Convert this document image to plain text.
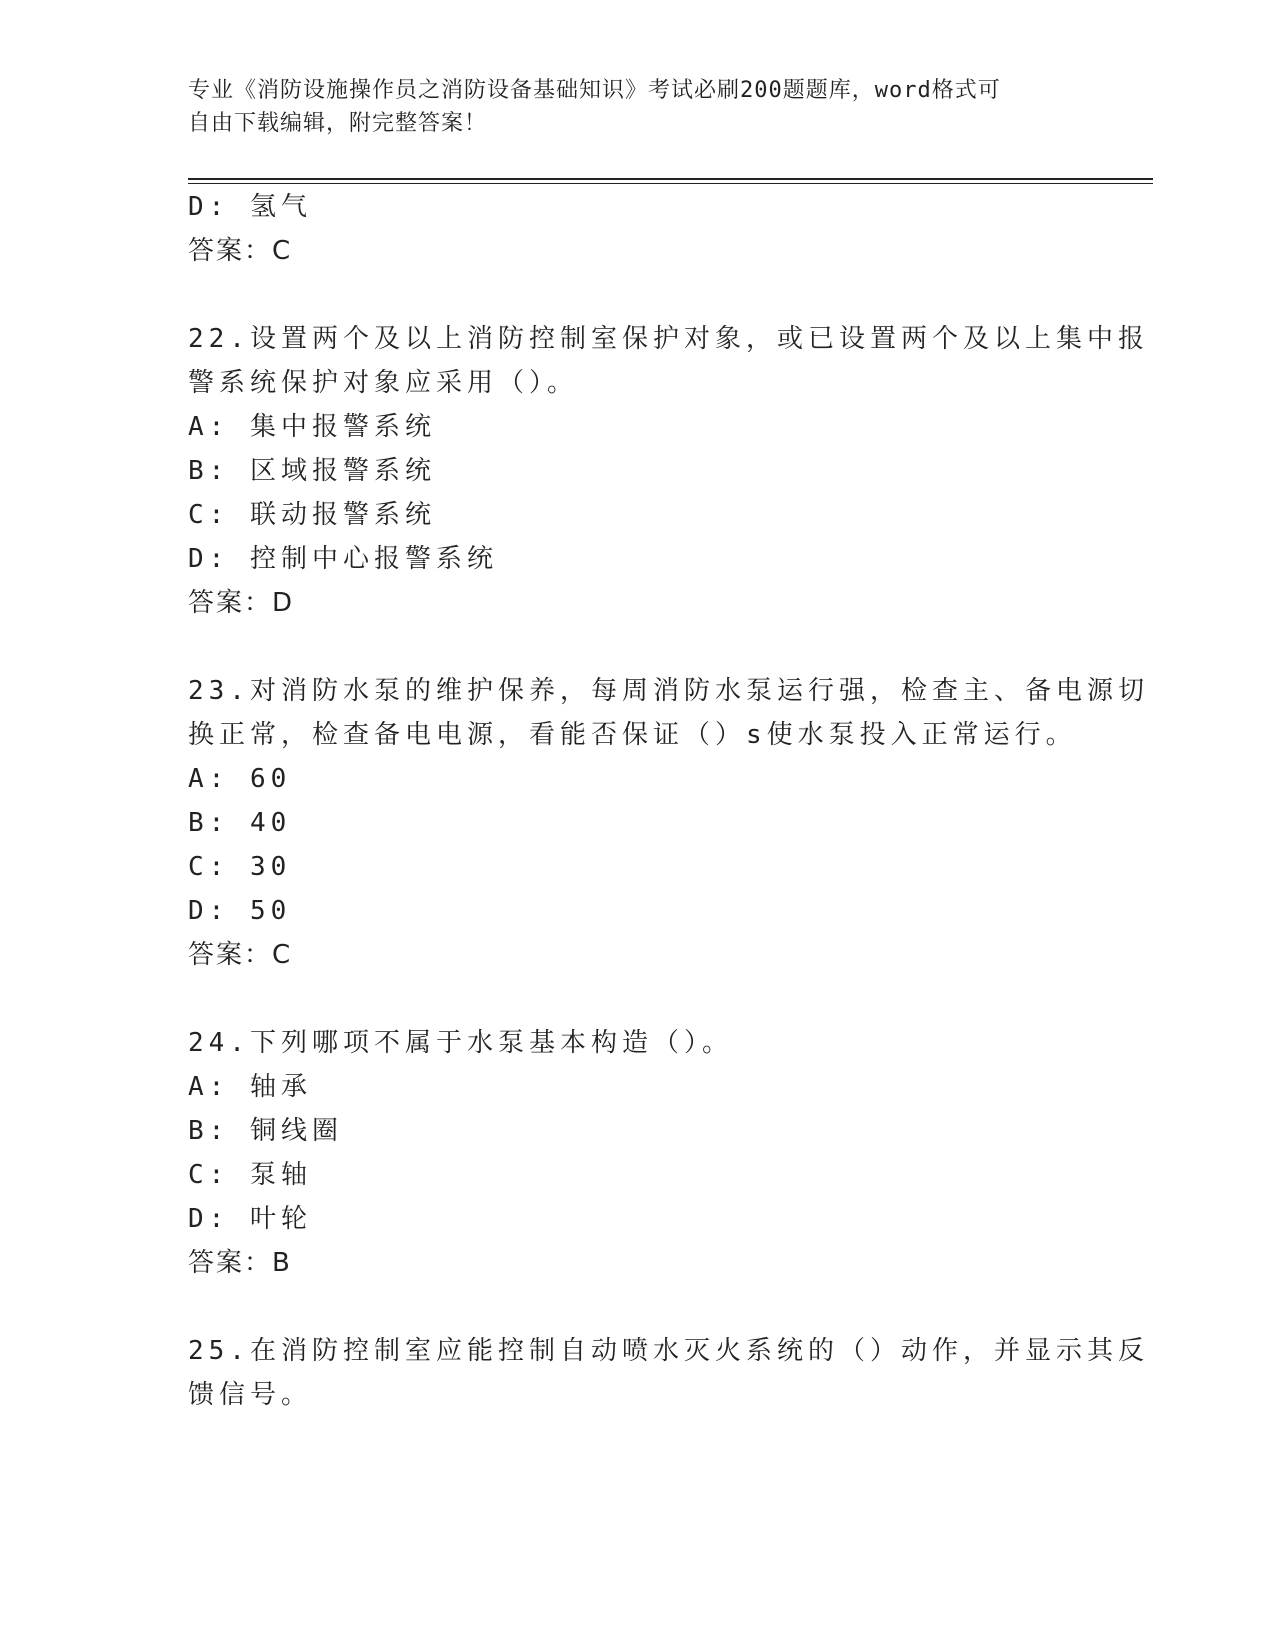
专业《消防设施操作员之消防设备基础知识》考试必刷200题题库，word格式可
自由下载编辑，附完整答案！
D: 氢气
答案：C
22.设置两个及以上消防控制室保护对象，或已设置两个及以上集中报
警系统保护对象应采用（）。
A: 集中报警系统
B: 区域报警系统
C: 联动报警系统
D: 控制中心报警系统
答案：D
23.对消防水泵的维护保养，每周消防水泵运行强，检查主、备电源切
换正常，检查备电电源，看能否保证（）s使水泵投入正常运行。
A: 60
B: 40
C: 30
D: 50
答案：C
24.下列哪项不属于水泵基本构造（）。
A: 轴承
B: 铜线圈
C: 泵轴
D: 叶轮
答案：B
25.在消防控制室应能控制自动喷水灭火系统的（）动作，并显示其反
馈信号。
